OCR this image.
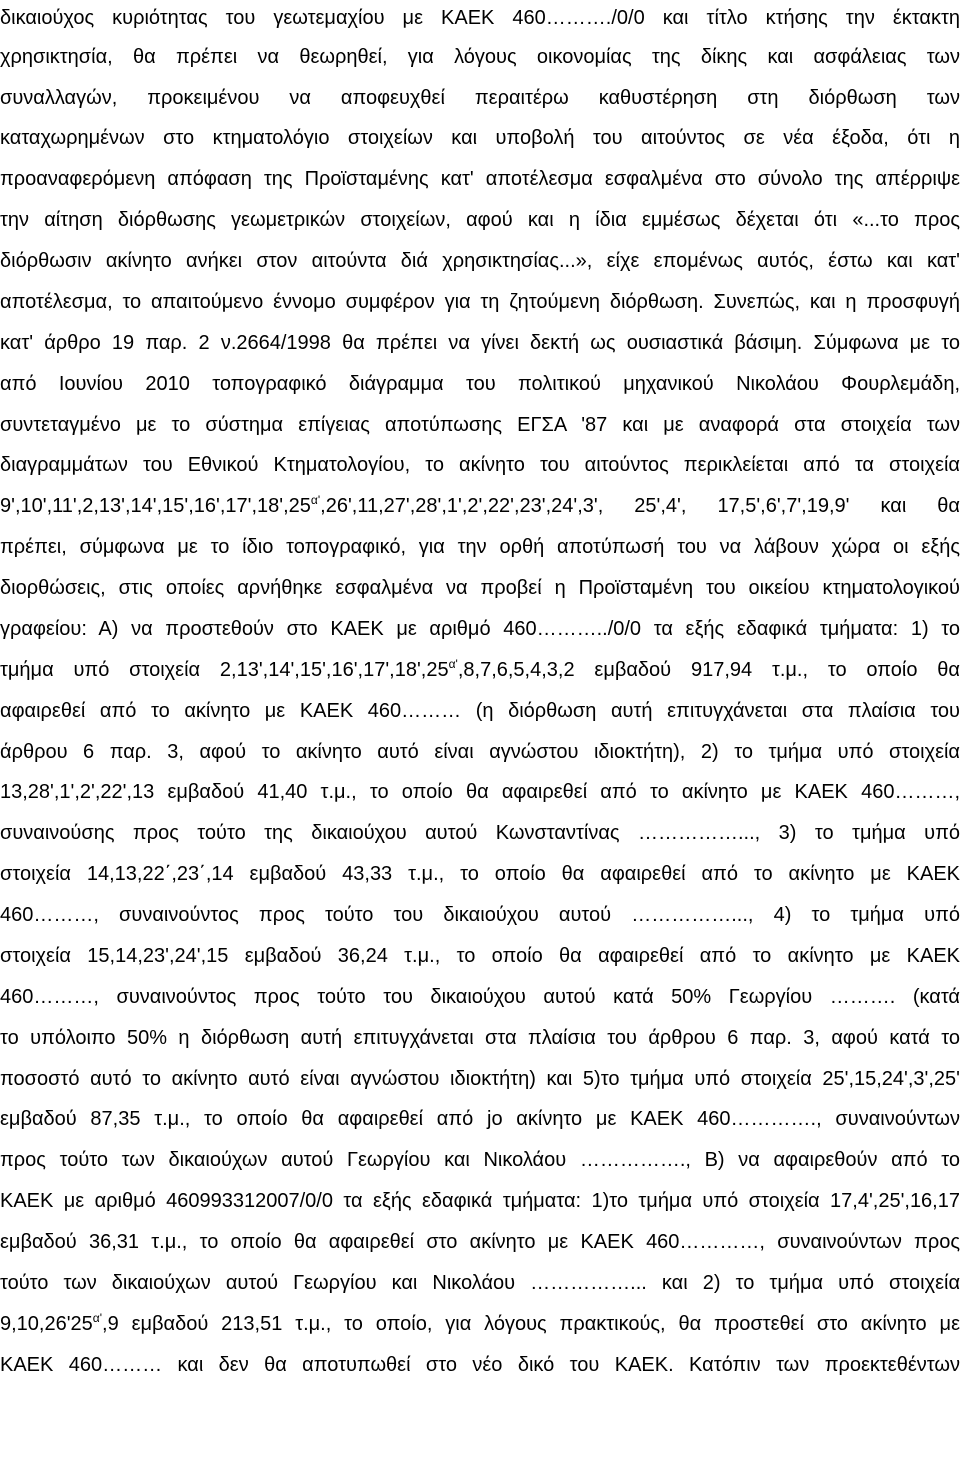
δικαιούχος κυριότητας του γεωτεμαχίου με ΚΑΕΚ 460………./0/0 και τίτλο κτήσης την έκτακτη
χρησικτησία, θα πρέπει να θεωρηθεί, για λόγους οικονομίας της δίκης και ασφάλειας των
συναλλαγών, προκειμένου να αποφευχθεί περαιτέρω καθυστέρηση στη διόρθωση των
καταχωρημένων στο κτηματολόγιο στοιχείων και υποβολή του αιτούντος σε νέα έξοδα, ότι η
προαναφερόμενη απόφαση της Προϊσταμένης κατ' αποτέλεσμα εσφαλμένα στο σύνολο της απέρριψε
την αίτηση διόρθωσης γεωμετρικών στοιχείων, αφού και η ίδια εμμέσως δέχεται ότι «...το προς
διόρθωσιν ακίνητο ανήκει στον αιτούντα διά χρησικτησίας...», είχε επομένως αυτός, έστω και κατ'
αποτέλεσμα, το απαιτούμενο έννομο συμφέρον για τη ζητούμενη διόρθωση. Συνεπώς, και η προσφυγή
κατ' άρθρο 19 παρ. 2 ν.2664/1998 θα πρέπει να γίνει δεκτή ως ουσιαστικά βάσιμη. Σύμφωνα με το
από Ιουνίου 2010 τοπογραφικό διάγραμμα του πολιτικού μηχανικού Νικολάου Φουρλεμάδη,
συντεταγμένο με το σύστημα επίγειας αποτύπωσης ΕΓΣΑ '87 και με αναφορά στα στοιχεία των
διαγραμμάτων του Εθνικού Κτηματολογίου, το ακίνητο του αιτούντος περικλείεται από τα στοιχεία
$9',10',11',2,13',14',15',16',17',18',25^{\alpha'},26',11,27',28',1',2',22',23',24',3'$, 25',4', 17,5',6',7',19,9' και θα
πρέπει, σύμφωνα με το ίδιο τοπογραφικό, για την ορθή αποτύπωσή του να λάβουν χώρα οι εξής
διορθώσεις, στις οποίες αρνήθηκε εσφαλμένα να προβεί η Προϊσταμένη του οικείου κτηματολογικού
γραφείου: Α) να προστεθούν στο ΚΑΕΚ με αριθμό 460………../0/0 τα εξής εδαφικά τμήματα: 1) το
τμήμα υπό στοιχεία $2,13',14',15',16',17',18',25^{\alpha'},8,7,6,5,4,3,2$ εμβαδού 917,94 τ.μ., το οποίο θα
αφαιρεθεί από το ακίνητο με ΚΑΕΚ 460……… (η διόρθωση αυτή επιτυγχάνεται στα πλαίσια του
άρθρου 6 παρ. 3, αφού το ακίνητο αυτό είναι αγνώστου ιδιοκτήτη), 2) το τμήμα υπό στοιχεία
13,28',1',2',22',13 εμβαδού 41,40 τ.μ., το οποίο θα αφαιρεθεί από το ακίνητο με ΚΑΕΚ 460………,
συναινούσης προς τούτο της δικαιούχου αυτού Κωνσταντίνας ……………..., 3) το τμήμα υπό
στοιχεία 14,13,22΄,23΄,14 εμβαδού 43,33 τ.μ., το οποίο θα αφαιρεθεί από το ακίνητο με ΚΑΕΚ
460………, συναινούντος προς τούτο του δικαιούχου αυτού ……………..., 4) το τμήμα υπό
στοιχεία 15,14,23',24',15 εμβαδού 36,24 τ.μ., το οποίο θα αφαιρεθεί από το ακίνητο με ΚΑΕΚ
460………, συναινούντος προς τούτο του δικαιούχου αυτού κατά 50% Γεωργίου ………. (κατά
το υπόλοιπο 50% η διόρθωση αυτή επιτυγχάνεται στα πλαίσια του άρθρου 6 παρ. 3, αφού κατά το
ποσοστό αυτό το ακίνητο αυτό είναι αγνώστου ιδιοκτήτη) και 5)το τμήμα υπό στοιχεία 25',15,24',3',25'
εμβαδού 87,35 τ.μ., το οποίο θα αφαιρεθεί από jo ακίνητο με ΚΑΕΚ 460…………., συναινούντων
προς τούτο των δικαιούχων αυτού Γεωργίου και Νικολάου ……………., Β) να αφαιρεθούν από το
ΚΑΕΚ με αριθμό 460993312007/0/0 τα εξής εδαφικά τμήματα: 1)το τμήμα υπό στοιχεία 17,4',25',16,17
εμβαδού 36,31 τ.μ., το οποίο θα αφαιρεθεί στο ακίνητο με ΚΑΕΚ 460…………, συναινούντων προς
τούτο των δικαιούχων αυτού Γεωργίου και Νικολάου ……………... και 2) το τμήμα υπό στοιχεία
$9,10,26'25^{\alpha'},9$ εμβαδού 213,51 τ.μ., το οποίο, για λόγους πρακτικούς, θα προστεθεί στο ακίνητο με
ΚΑΕΚ 460……… και δεν θα αποτυπωθεί στο νέο δικό του ΚΑΕΚ. Κατόπιν των προεκτεθέντων
